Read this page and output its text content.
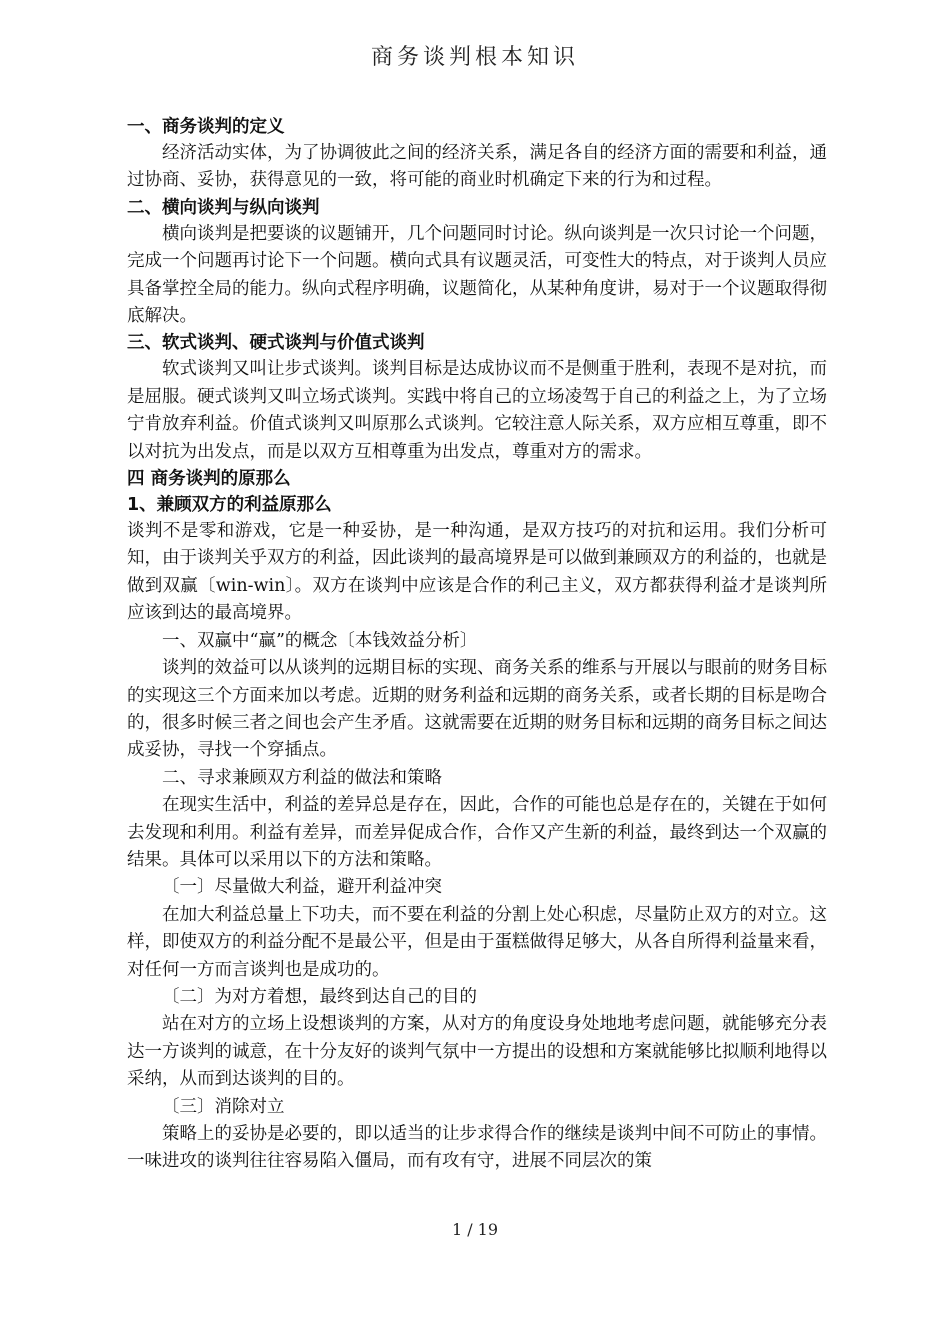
商务谈判根本知识

一、商务谈判的定义

经济活动实体，为了协调彼此之间的经济关系，满足各自的经济方面的需要和利益，通过协商、妥协，获得意见的一致，将可能的商业时机确定下来的行为和过程。

二、横向谈判与纵向谈判

横向谈判是把要谈的议题铺开，几个问题同时讨论。纵向谈判是一次只讨论一个问题，完成一个问题再讨论下一个问题。横向式具有议题灵活，可变性大的特点，对于谈判人员应具备掌控全局的能力。纵向式程序明确，议题简化，从某种角度讲，易对于一个议题取得彻底解决。

三、软式谈判、硬式谈判与价值式谈判

软式谈判又叫让步式谈判。谈判目标是达成协议而不是侧重于胜利，表现不是对抗，而是屈服。硬式谈判又叫立场式谈判。实践中将自己的立场凌驾于自己的利益之上，为了立场宁肯放弃利益。价值式谈判又叫原那么式谈判。它较注意人际关系，双方应相互尊重，即不以对抗为出发点，而是以双方互相尊重为出发点，尊重对方的需求。

四 商务谈判的原那么

1、兼顾双方的利益原那么

谈判不是零和游戏，它是一种妥协，是一种沟通，是双方技巧的对抗和运用。我们分析可知，由于谈判关乎双方的利益，因此谈判的最高境界是可以做到兼顾双方的利益的，也就是做到双赢〔win-win〕。双方在谈判中应该是合作的利己主义，双方都获得利益才是谈判所应该到达的最高境界。

一、双赢中“赢”的概念〔本钱效益分析〕

谈判的效益可以从谈判的远期目标的实现、商务关系的维系与开展以与眼前的财务目标的实现这三个方面来加以考虑。近期的财务利益和远期的商务关系，或者长期的目标是吻合的，很多时候三者之间也会产生矛盾。这就需要在近期的财务目标和远期的商务目标之间达成妥协，寻找一个穿插点。

二、寻求兼顾双方利益的做法和策略

在现实生活中，利益的差异总是存在，因此，合作的可能也总是存在的，关键在于如何去发现和利用。利益有差异，而差异促成合作，合作又产生新的利益，最终到达一个双赢的结果。具体可以采用以下的方法和策略。

〔一〕尽量做大利益，避开利益冲突

在加大利益总量上下功夫，而不要在利益的分割上处心积虑，尽量防止双方的对立。这样，即使双方的利益分配不是最公平，但是由于蛋糕做得足够大，从各自所得利益量来看，对任何一方而言谈判也是成功的。

〔二〕为对方着想，最终到达自己的目的

站在对方的立场上设想谈判的方案，从对方的角度设身处地地考虑问题，就能够充分表达一方谈判的诚意，在十分友好的谈判气氛中一方提出的设想和方案就能够比拟顺利地得以采纳，从而到达谈判的目的。

〔三〕消除对立

策略上的妥协是必要的，即以适当的让步求得合作的继续是谈判中间不可防止的事情。一味进攻的谈判往往容易陷入僵局，而有攻有守，进展不同层次的策

1 / 19
